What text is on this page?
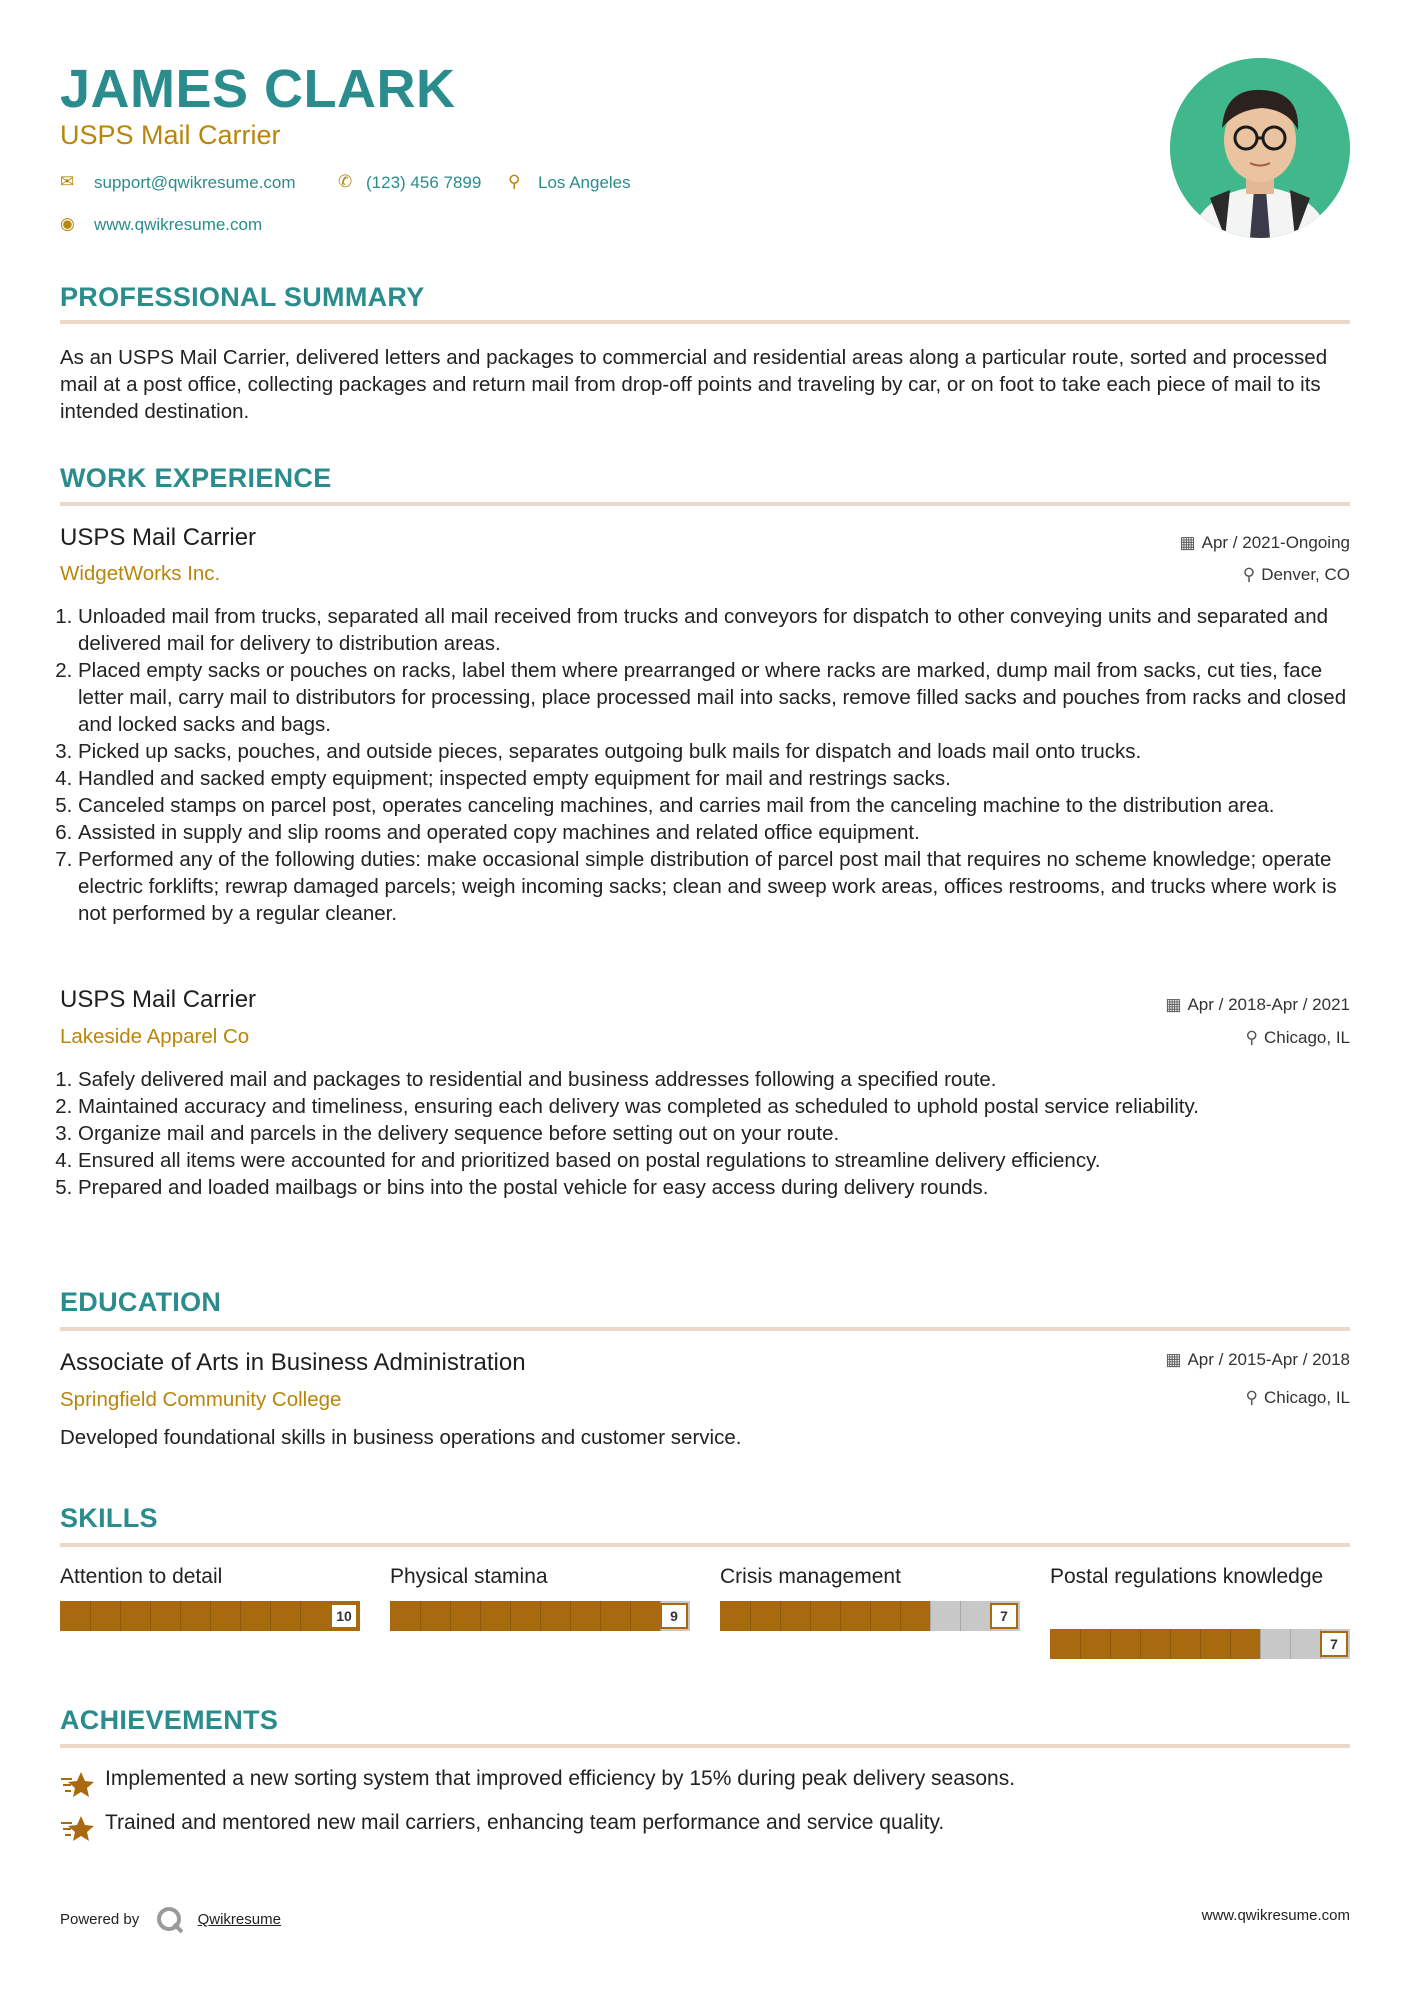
JAMES CLARK
USPS Mail Carrier
✉ support@qwikresume.com	✆ (123) 456 7899 ⚲ Los Angeles
◉ www.qwikresume.com
PROFESSIONAL SUMMARY
As an USPS Mail Carrier, delivered letters and packages to commercial and residential areas along a particular route, sorted and processed mail at a post office, collecting packages and return mail from drop-off points and traveling by car, or on foot to take each piece of mail to its intended destination.
WORK EXPERIENCE
USPS Mail Carrier
WidgetWorks Inc.
▦ Apr / 2021-Ongoing
⚲ Denver, CO
1. Unloaded mail from trucks, separated all mail received from trucks and conveyors for dispatch to other conveying units and separated and delivered mail for delivery to distribution areas.
2. Placed empty sacks or pouches on racks, label them where prearranged or where racks are marked, dump mail from sacks, cut ties, face letter mail, carry mail to distributors for processing, place processed mail into sacks, remove filled sacks and pouches from racks and closed and locked sacks and bags.
3. Picked up sacks, pouches, and outside pieces, separates outgoing bulk mails for dispatch and loads mail onto trucks.
4. Handled and sacked empty equipment; inspected empty equipment for mail and restrings sacks.
5. Canceled stamps on parcel post, operates canceling machines, and carries mail from the canceling machine to the distribution area.
6. Assisted in supply and slip rooms and operated copy machines and related office equipment.
7. Performed any of the following duties: make occasional simple distribution of parcel post mail that requires no scheme knowledge; operate electric forklifts; rewrap damaged parcels; weigh incoming sacks; clean and sweep work areas, offices restrooms, and trucks where work is not performed by a regular cleaner.
USPS Mail Carrier
Lakeside Apparel Co
▦ Apr / 2018-Apr / 2021
⚲ Chicago, IL
1. Safely delivered mail and packages to residential and business addresses following a specified route.
2. Maintained accuracy and timeliness, ensuring each delivery was completed as scheduled to uphold postal service reliability.
3. Organize mail and parcels in the delivery sequence before setting out on your route.
4. Ensured all items were accounted for and prioritized based on postal regulations to streamline delivery efficiency.
5. Prepared and loaded mailbags or bins into the postal vehicle for easy access during delivery rounds.
EDUCATION
Associate of Arts in Business Administration
Springfield Community College
▦ Apr / 2015-Apr / 2018
⚲ Chicago, IL
Developed foundational skills in business operations and customer service.
SKILLS
Attention to detail
10
Physical stamina
9
Crisis management
7
Postal regulations knowledge
7
ACHIEVEMENTS
Implemented a new sorting system that improved efficiency by 15% during peak delivery seasons.
Trained and mentored new mail carriers, enhancing team performance and service quality.
Powered by	Qwikresume	www.qwikresume.com
